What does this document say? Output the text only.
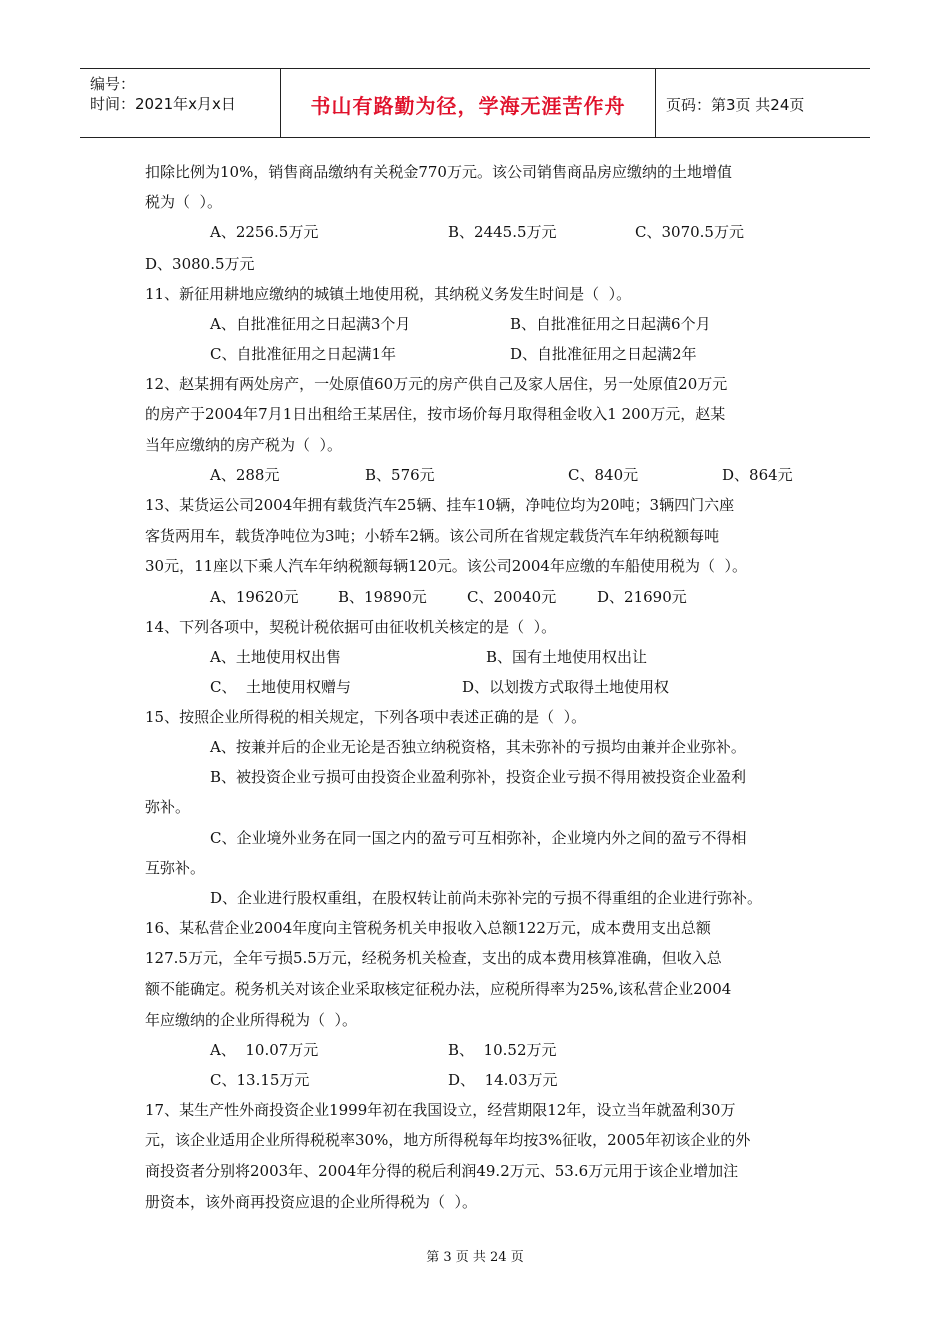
编号：
时间：2021年x月x日	书山有路勤为径，学海无涯苦作舟	页码：第3页 共24页
扣除比例为10%，销售商品缴纳有关税金770万元。该公司销售商品房应缴纳的土地增值
税为（  ）。
A、2256.5万元	B、2445.5万元	C、3070.5万元
D、3080.5万元
11、新征用耕地应缴纳的城镇土地使用税，其纳税义务发生时间是（  ）。
A、自批准征用之日起满3个月	B、自批准征用之日起满6个月
C、自批准征用之日起满1年	D、自批准征用之日起满2年
12、赵某拥有两处房产，一处原值60万元的房产供自己及家人居住，另一处原值20万元
的房产于2004年7月1日出租给王某居住，按市场价每月取得租金收入1 200万元，赵某
当年应缴纳的房产税为（  ）。
A、288元	B、576元	C、840元	D、864元
13、某货运公司2004年拥有载货汽车25辆、挂车10辆，净吨位均为20吨；3辆四门六座
客货两用车，载货净吨位为3吨；小轿车2辆。该公司所在省规定载货汽车年纳税额每吨
30元，11座以下乘人汽车年纳税额每辆120元。该公司2004年应缴的车船使用税为（  ）。
A、19620元	B、19890元	C、20040元	D、21690元
14、下列各项中，契税计税依据可由征收机关核定的是（  ）。
A、土地使用权出售	B、国有土地使用权出让
C、  土地使用权赠与	D、以划拨方式取得土地使用权
15、按照企业所得税的相关规定，下列各项中表述正确的是（  ）。
A、按兼并后的企业无论是否独立纳税资格，其未弥补的亏损均由兼并企业弥补。
B、被投资企业亏损可由投资企业盈利弥补，投资企业亏损不得用被投资企业盈利
弥补。
C、企业境外业务在同一国之内的盈亏可互相弥补，企业境内外之间的盈亏不得相
互弥补。
D、企业进行股权重组，在股权转让前尚未弥补完的亏损不得重组的企业进行弥补。
16、某私营企业2004年度向主管税务机关申报收入总额122万元，成本费用支出总额
127.5万元，全年亏损5.5万元，经税务机关检查，支出的成本费用核算准确，但收入总
额不能确定。税务机关对该企业采取核定征税办法，应税所得率为25%,该私营企业2004
年应缴纳的企业所得税为（  ）。
A、  10.07万元	B、  10.52万元
C、13.15万元	D、  14.03万元
17、某生产性外商投资企业1999年初在我国设立，经营期限12年，设立当年就盈利30万
元，该企业适用企业所得税税率30%，地方所得税每年均按3%征收，2005年初该企业的外
商投资者分别将2003年、2004年分得的税后利润49.2万元、53.6万元用于该企业增加注
册资本，该外商再投资应退的企业所得税为（  ）。
第 3 页 共 24 页
